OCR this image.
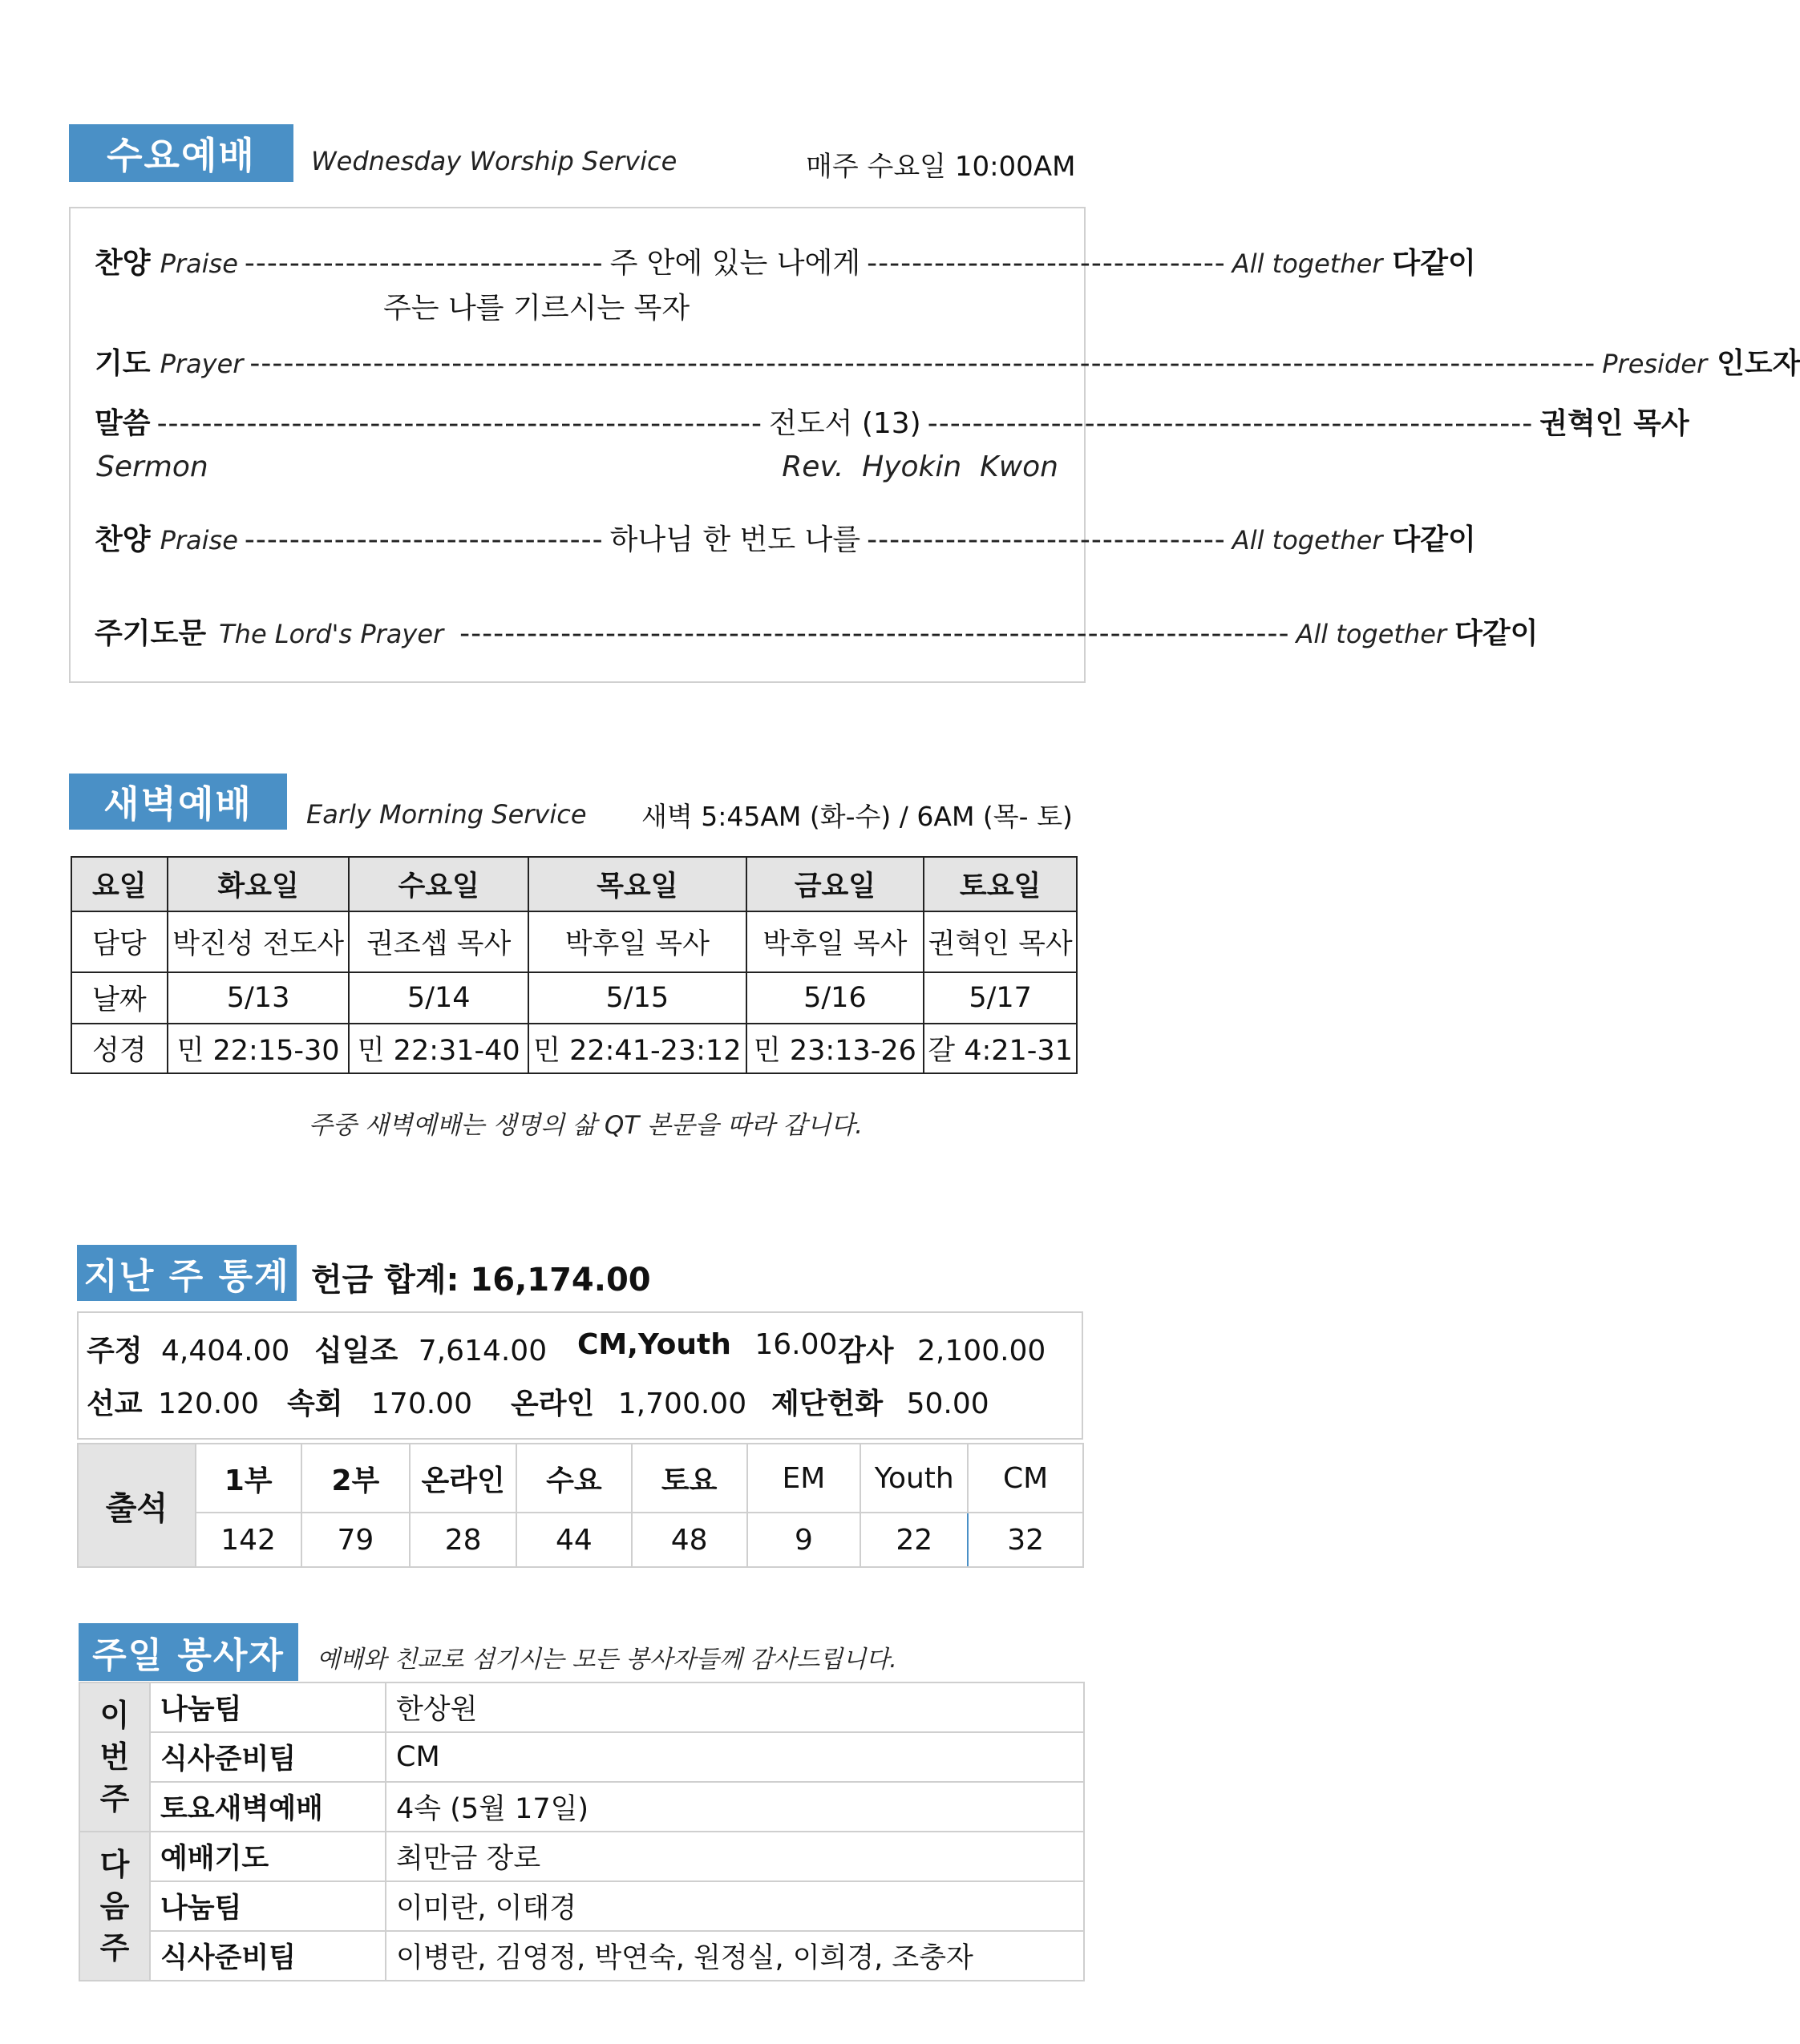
수요예배	Wednesday Worship Service	매주 수요일 10:00AM
찬양 Praise -------------------------------- 주 안에 있는 나에게 -------------------------------- All together 다같이
주는 나를 기르시는 목자
기도 Prayer ------------------------------------------------------------------------------------------------------------------------ Presider 인도자
말씀 ------------------------------------------------------ 전도서 (13) ------------------------------------------------------ 권혁인 목사
Sermon	Rev.  Hyokin  Kwon
찬양 Praise -------------------------------- 하나님 한 번도 나를 -------------------------------- All together 다같이
주기도문 The Lord's Prayer -------------------------------------------------------------------------- All together 다같이
새벽예배	Early Morning Service 새벽 5:45AM (화-수) / 6AM (목- 토)
요일	화요일	수요일	목요일	금요일	토요일
담당	박진성 전도사	권조셉 목사	박후일 목사	박후일 목사	권혁인 목사
날짜	5/13	5/14	5/15	5/16	5/17
성경	민 22:15-30	민 22:31-40	민 22:41-23:12	민 23:13-26	갈 4:21-31
주중 새벽예배는 생명의 삶 QT 본문을 따라 갑니다.
지난 주 통계 헌금 합계: 16,174.00
주정 4,404.00 십일조 7,614.00 CM,Youth 16.00 감사 2,100.00
선교 120.00 속회 170.00 온라인 1,700.00 제단헌화 50.00
출석	1부	2부	온라인	수요	토요	EM	Youth	CM
	142	79	28	44	48	9	22	32
주일 봉사자	예배와 친교로 섬기시는 모든 봉사자들께 감사드립니다.
이
번
주	나눔팀	한상원
	식사준비팀	CM
	토요새벽예배	4속 (5월 17일)
다
음
주	예배기도	최만금 장로
	나눔팀	이미란, 이태경
	식사준비팀	이병란, 김영정, 박연숙, 원정실, 이희경, 조충자
